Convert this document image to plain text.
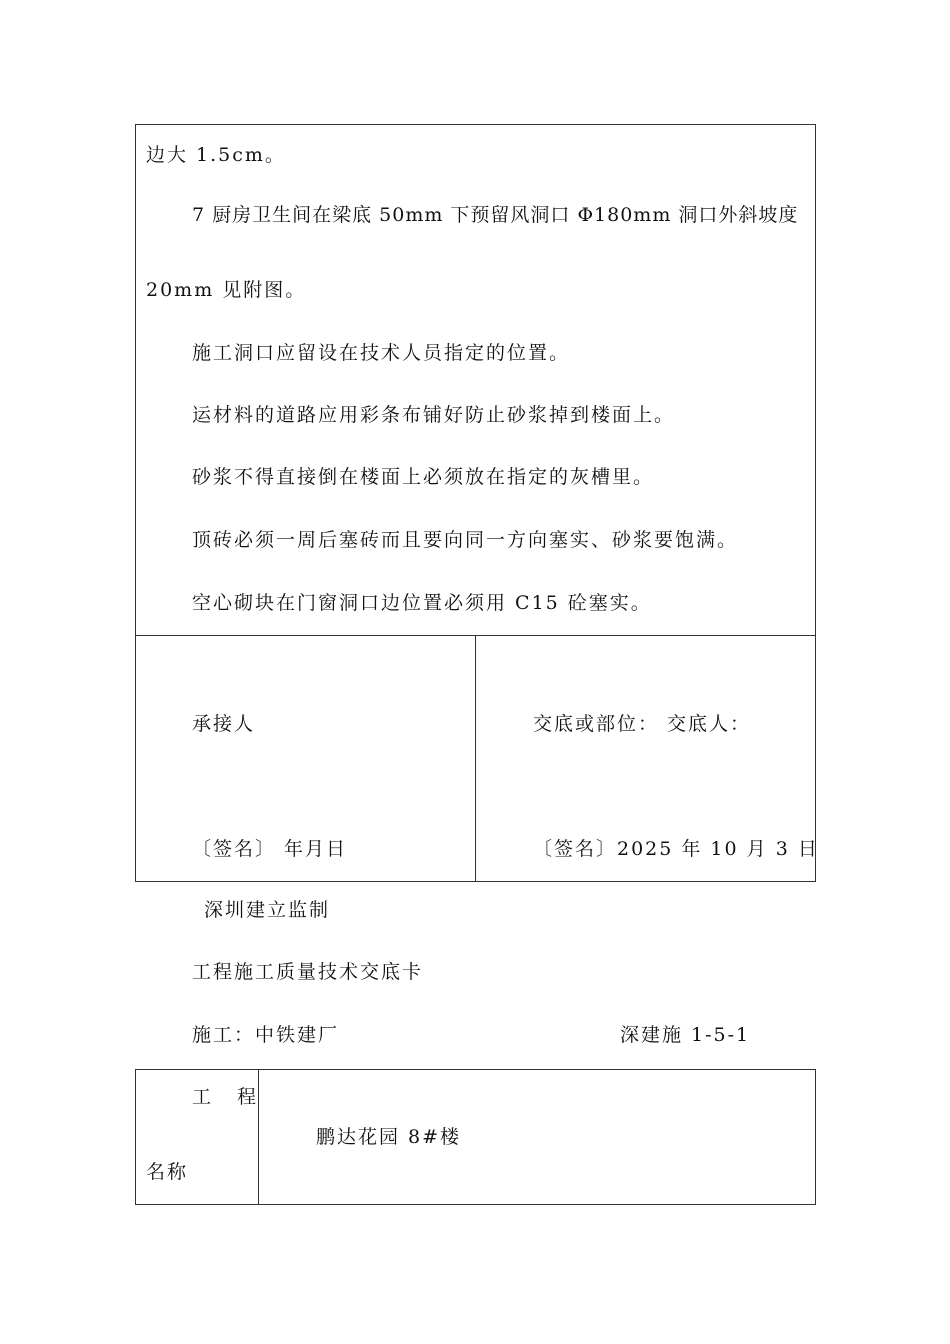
边大 1.5cm。
7 厨房卫生间在梁底 50mm 下预留风洞口 Φ180mm 洞口外斜坡度
20mm 见附图。
施工洞口应留设在技术人员指定的位置。
运材料的道路应用彩条布铺好防止砂浆掉到楼面上。
砂浆不得直接倒在楼面上必须放在指定的灰槽里。
顶砖必须一周后塞砖而且要向同一方向塞实、砂浆要饱满。
空心砌块在门窗洞口边位置必须用 C15 砼塞实。
承接人
〔签名〕 年月日
交底或部位： 交底人：
〔签名〕2025 年 10 月 3 日
深圳建立监制
工程施工质量技术交底卡
施工：中铁建厂	深建施 1-5-1
工 程
名称
鹏达花园 8#楼
